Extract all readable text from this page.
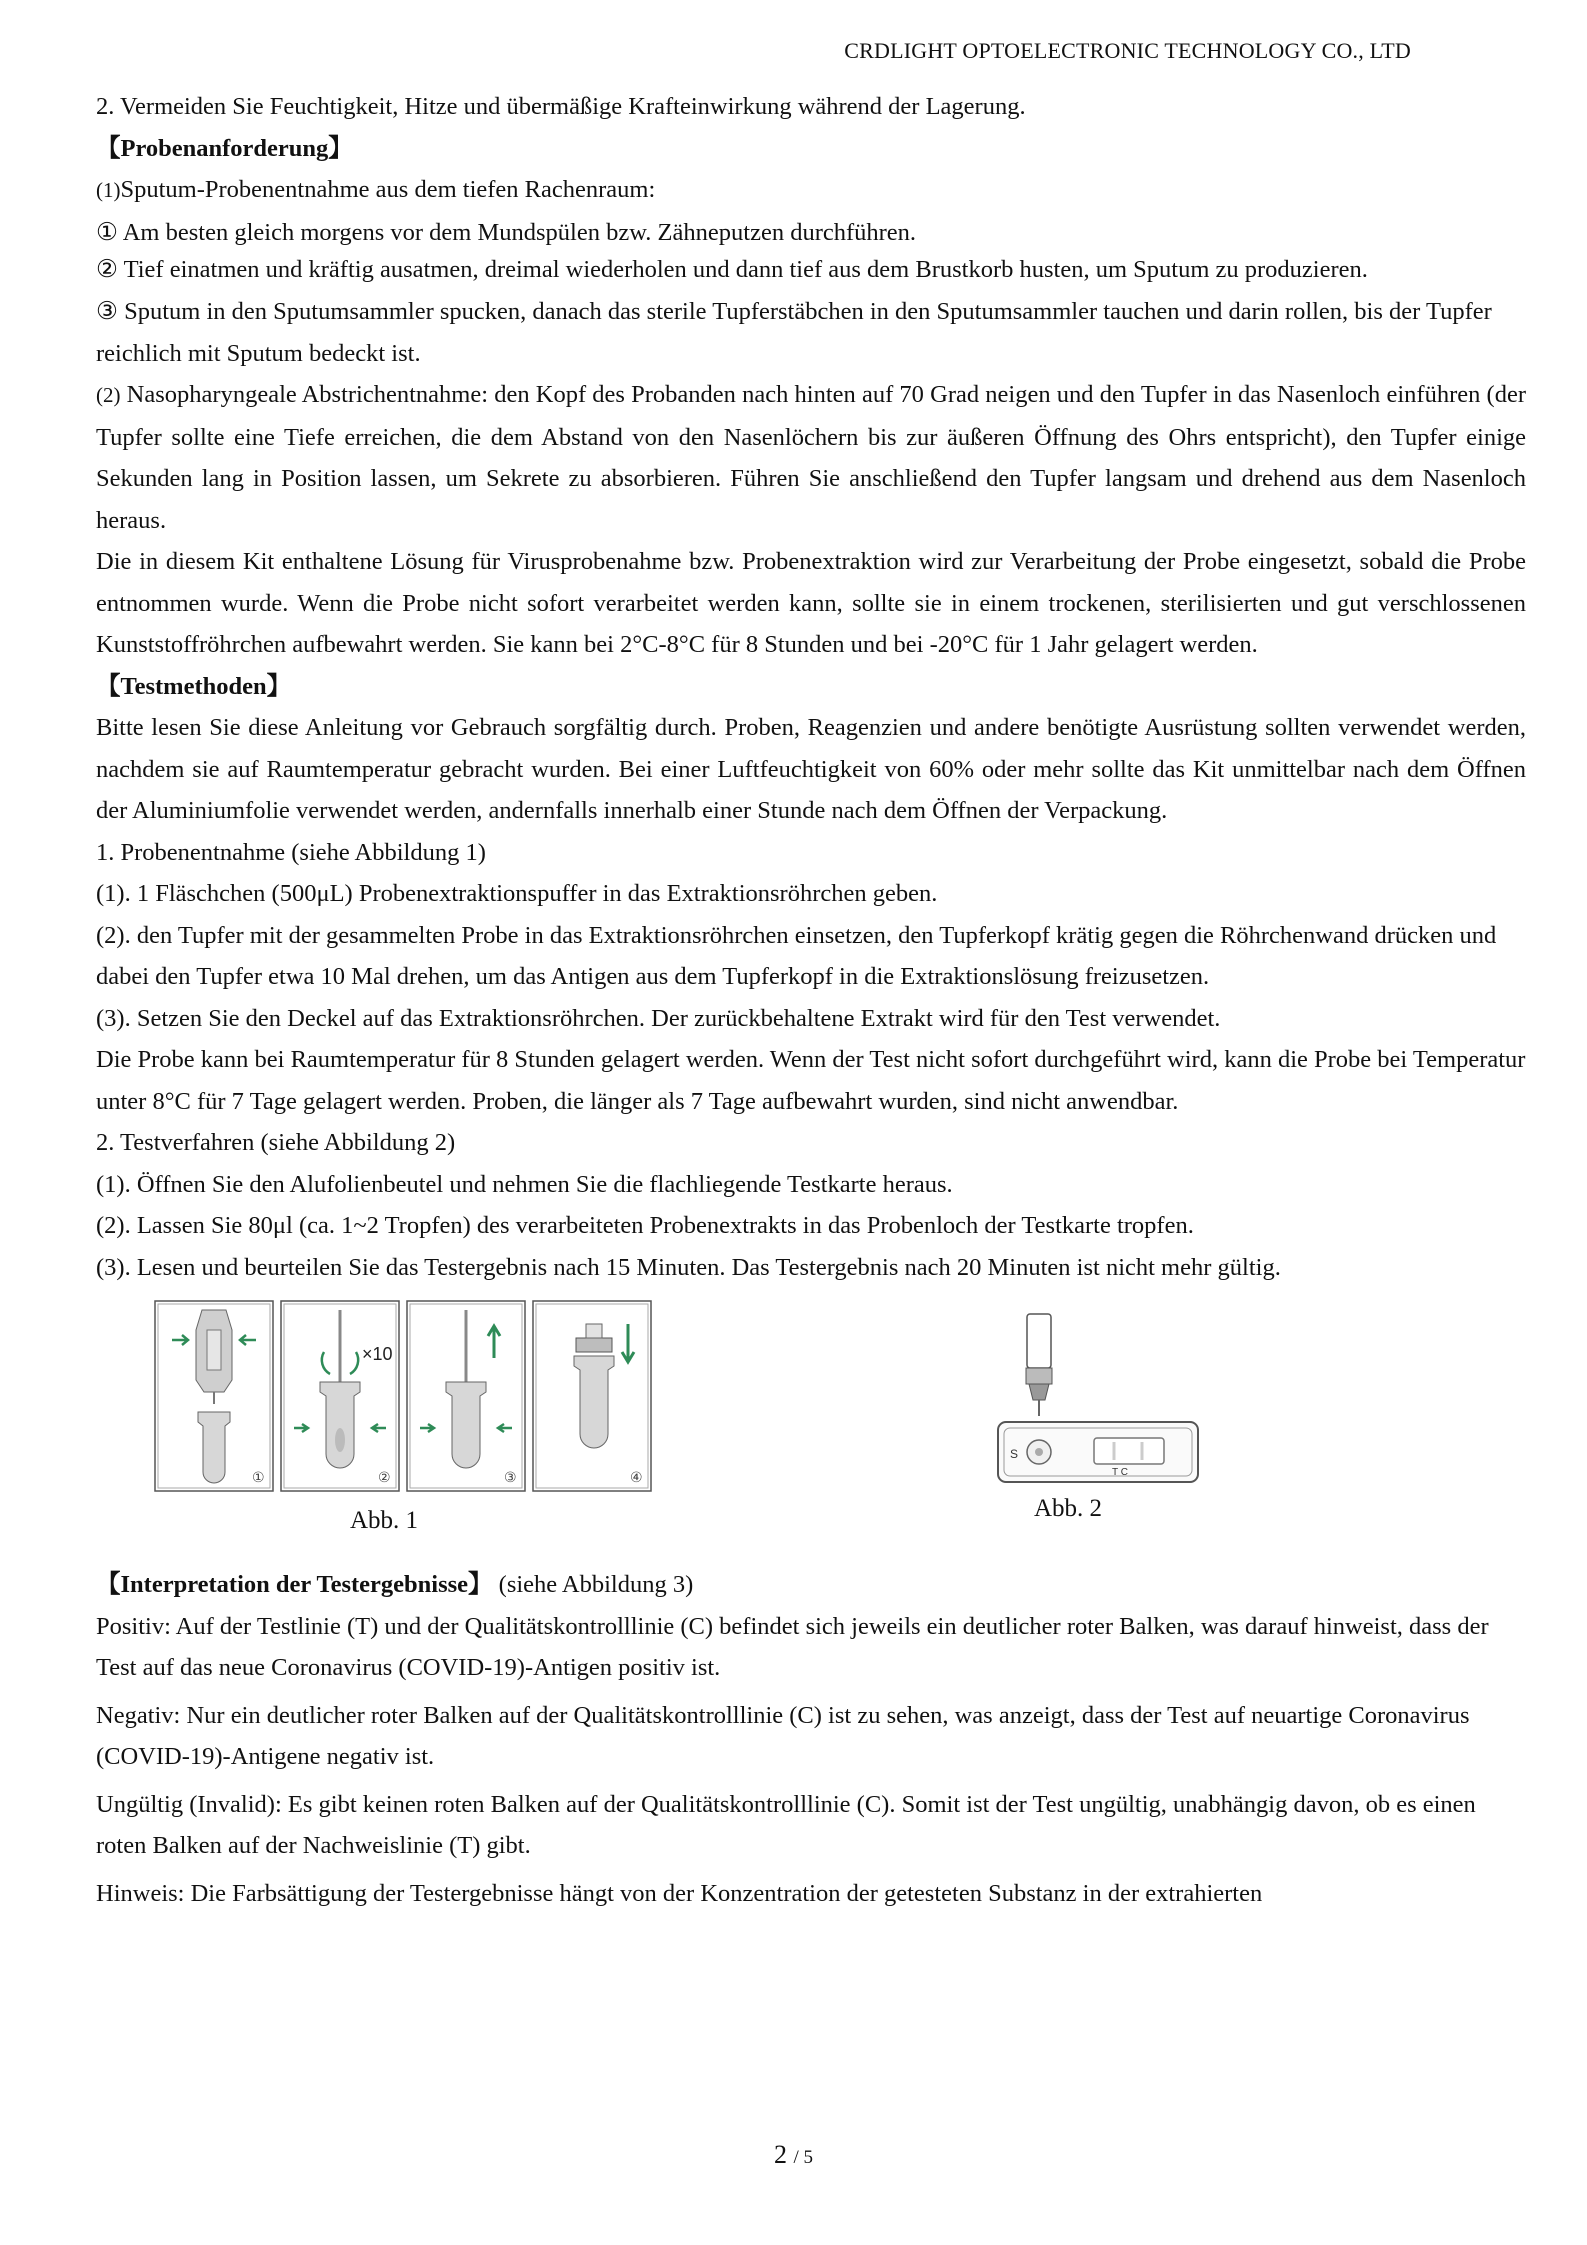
CRDLIGHT OPTOELECTRONIC TECHNOLOGY CO., LTD

2. Vermeiden Sie Feuchtigkeit, Hitze und übermäßige Krafteinwirkung während der Lagerung.

【Probenanforderung】

(1)Sputum-Probenentnahme aus dem tiefen Rachenraum:

① Am besten gleich morgens vor dem Mundspülen bzw. Zähneputzen durchführen.

② Tief einatmen und kräftig ausatmen, dreimal wiederholen und dann tief aus dem Brustkorb husten, um Sputum zu produzieren.

③ Sputum in den Sputumsammler spucken, danach das sterile Tupferstäbchen in den Sputumsammler tauchen und darin rollen, bis der Tupfer reichlich mit Sputum bedeckt ist.

(2) Nasopharyngeale Abstrichentnahme: den Kopf des Probanden nach hinten auf 70 Grad neigen und den Tupfer in das Nasenloch einführen (der Tupfer sollte eine Tiefe erreichen, die dem Abstand von den Nasenlöchern bis zur äußeren Öffnung des Ohrs entspricht), den Tupfer einige Sekunden lang in Position lassen, um Sekrete zu absorbieren. Führen Sie anschließend den Tupfer langsam und drehend aus dem Nasenloch heraus.

Die in diesem Kit enthaltene Lösung für Virusprobenahme bzw. Probenextraktion wird zur Verarbeitung der Probe eingesetzt, sobald die Probe entnommen wurde. Wenn die Probe nicht sofort verarbeitet werden kann, sollte sie in einem trockenen, sterilisierten und gut verschlossenen Kunststoffröhrchen aufbewahrt werden. Sie kann bei 2°C-8°C für 8 Stunden und bei -20°C für 1 Jahr gelagert werden.

【Testmethoden】

Bitte lesen Sie diese Anleitung vor Gebrauch sorgfältig durch. Proben, Reagenzien und andere benötigte Ausrüstung sollten verwendet werden, nachdem sie auf Raumtemperatur gebracht wurden. Bei einer Luftfeuchtigkeit von 60% oder mehr sollte das Kit unmittelbar nach dem Öffnen der Aluminiumfolie verwendet werden, andernfalls innerhalb einer Stunde nach dem Öffnen der Verpackung.

1. Probenentnahme (siehe Abbildung 1)

(1). 1 Fläschchen (500μL) Probenextraktionspuffer in das Extraktionsröhrchen geben.

(2). den Tupfer mit der gesammelten Probe in das Extraktionsröhrchen einsetzen, den Tupferkopf krätig gegen die Röhrchenwand drücken und dabei den Tupfer etwa 10 Mal drehen, um das Antigen aus dem Tupferkopf in die Extraktionslösung freizusetzen.

(3). Setzen Sie den Deckel auf das Extraktionsröhrchen. Der zurückbehaltene Extrakt wird für den Test verwendet.

Die Probe kann bei Raumtemperatur für 8 Stunden gelagert werden. Wenn der Test nicht sofort durchgeführt wird, kann die Probe bei Temperatur unter 8°C für 7 Tage gelagert werden. Proben, die länger als 7 Tage aufbewahrt wurden, sind nicht anwendbar.

2. Testverfahren (siehe Abbildung 2)

(1). Öffnen Sie den Alufolienbeutel und nehmen Sie die flachliegende Testkarte heraus.

(2). Lassen Sie 80μl (ca. 1~2 Tropfen) des verarbeiteten Probenextrakts in das Probenloch der Testkarte tropfen.

(3). Lesen und beurteilen Sie das Testergebnis nach 15 Minuten. Das Testergebnis nach 20 Minuten ist nicht mehr gültig.

×10
①	②	③	④
S
T C
Abb. 1	Abb. 2

【Interpretation der Testergebnisse】 (siehe Abbildung 3)

Positiv: Auf der Testlinie (T) und der Qualitätskontrolllinie (C) befindet sich jeweils ein deutlicher roter Balken, was darauf hinweist, dass der Test auf das neue Coronavirus (COVID-19)-Antigen positiv ist.

Negativ: Nur ein deutlicher roter Balken auf der Qualitätskontrolllinie (C) ist zu sehen, was anzeigt, dass der Test auf neuartige Coronavirus (COVID-19)-Antigene negativ ist.

Ungültig (Invalid): Es gibt keinen roten Balken auf der Qualitätskontrolllinie (C). Somit ist der Test ungültig, unabhängig davon, ob es einen roten Balken auf der Nachweislinie (T) gibt.

Hinweis: Die Farbsättigung der Testergebnisse hängt von der Konzentration der getesteten Substanz in der extrahierten

2 / 5
